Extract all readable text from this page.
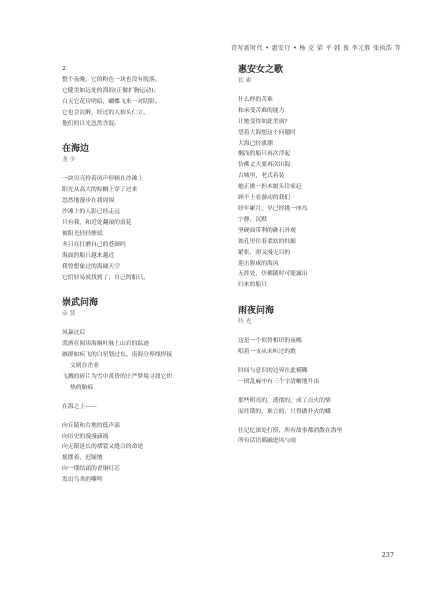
诗写新时代 • 惠安行 • 杨 克 梁 平 韩 夜 李元胜 张执浩 等
2
整个夜晚，它的粉色一块也没有脱落。
它健美如远处的海浪(正做扩胸运动)。
白天它花房明暗，蝴蝶飞来一对阴影。
它也会沉醉，经过的人抬头仁立，
他们的目光忽然含混。
在海边
龙 少
一块贝壳拎着风声停顿在沙滩上
阳光从高大的棕榈上穿了过来
忽然地漫步在我周围
沙滩上的人影已经走远
只有我，和近处翻滚的浪花
被阳光轻轻擦拭
冬日在打磨自己的苍颜吗
海面的船只越来越近
我曾想象过的海阔天空
它们轻易就找到了，自己的船只。
崇武问海
帝 贤
风暴过后
泼洒在阅读海桐叶脉上山岩的踪迹
雁群如疾飞的白星划过东、南海分界线焊接
文则在企业
飞溅的碎片为雪中黄昏的庄严梦境寻找它织
热的胎痕
在海之上——
向丘陵和台地的低声部
向历史的漫漫滴流
向无限延长的褶裂又缝合的命途
摇摆着，迟疑地
向一缕结霜的青铜灯芯
发出鸟类的嘶鸣
惠安女之歌
钦 索
什么样的苦难
和承受苦难的能力
让她变得如此美丽?
望着大海想这个问题时
大海已经涨潮
搁浅的船只再次浮起
仿佛丈夫要再次出海
古城里，老式着装
她正挑一担木履头往家赶
顾不上看游动的我们
经年累月，早已经挑一座岛
宁静，沉默
坚硬面带利的礁石外观
蚀孔里住着柔软的牡蛎
紧张，却又漫无目的
迎击腥咸的海风
无涯处，仿佛随时可能露出
归来的船只
雨夜问海
吟 光
这是一个似曾相识的夜晚
唱着一支从未听过的歌
时间与意识的边界在此模糊
一团乱麻中有三个字清晰地升出
那些明亮的，透彻的，成了点火的柴
而挂锁的，难言的，只得做扑火的蛾
往记忆深处打捞，所有故事都消散在海里
所有话语都融进风与雨
237
